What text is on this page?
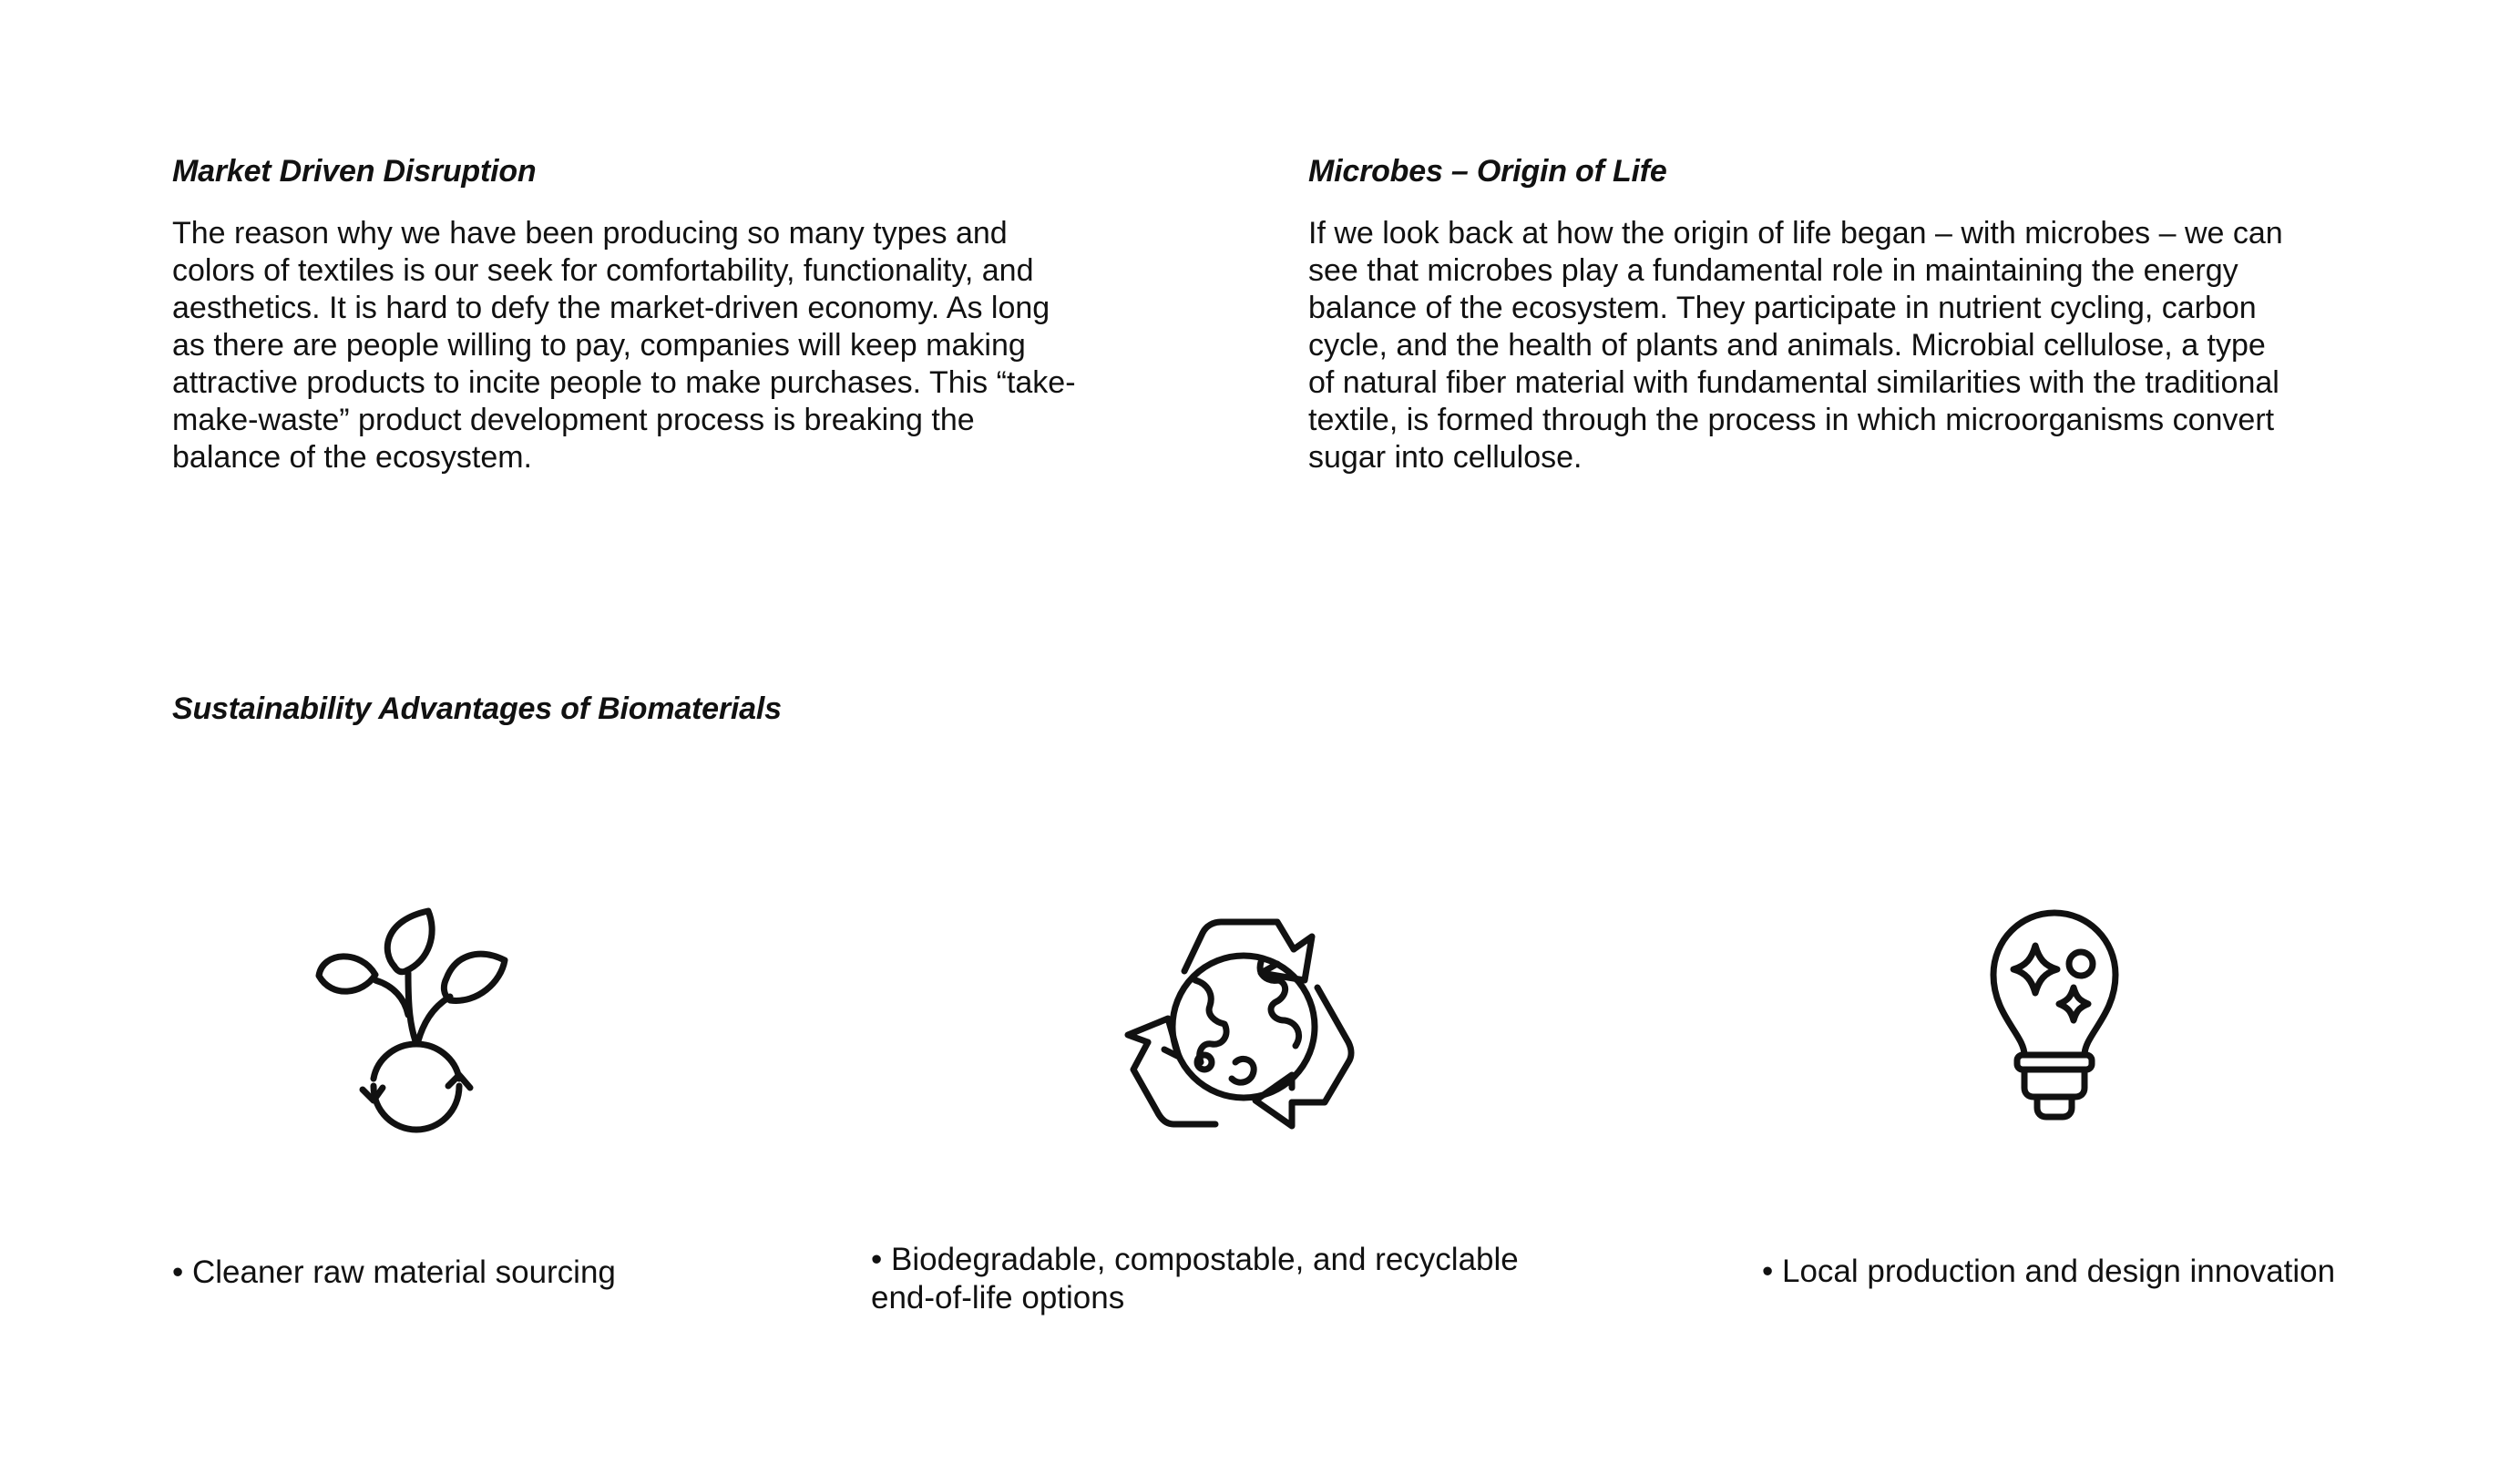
Market Driven Disruption
The reason why we have been producing so many types and
colors of textiles is our seek for comfortability, functionality, and
aesthetics. It is hard to defy the market-driven economy. As long
as there are people willing to pay, companies will keep making
attractive products to incite people to make purchases. This “take-
make-waste” product development process is breaking the
balance of the ecosystem.
Microbes – Origin of Life
If we look back at how the origin of life began – with microbes – we can
see that microbes play a fundamental role in maintaining the energy
balance of the ecosystem. They participate in nutrient cycling, carbon
cycle, and the health of plants and animals. Microbial cellulose, a type
of natural fiber material with fundamental similarities with the traditional
textile, is formed through the process in which microorganisms convert
sugar into cellulose.
Sustainability Advantages of Biomaterials
• Cleaner raw material sourcing	• Biodegradable, compostable, and recyclable
end-of-life options
• Local production and design innovation
